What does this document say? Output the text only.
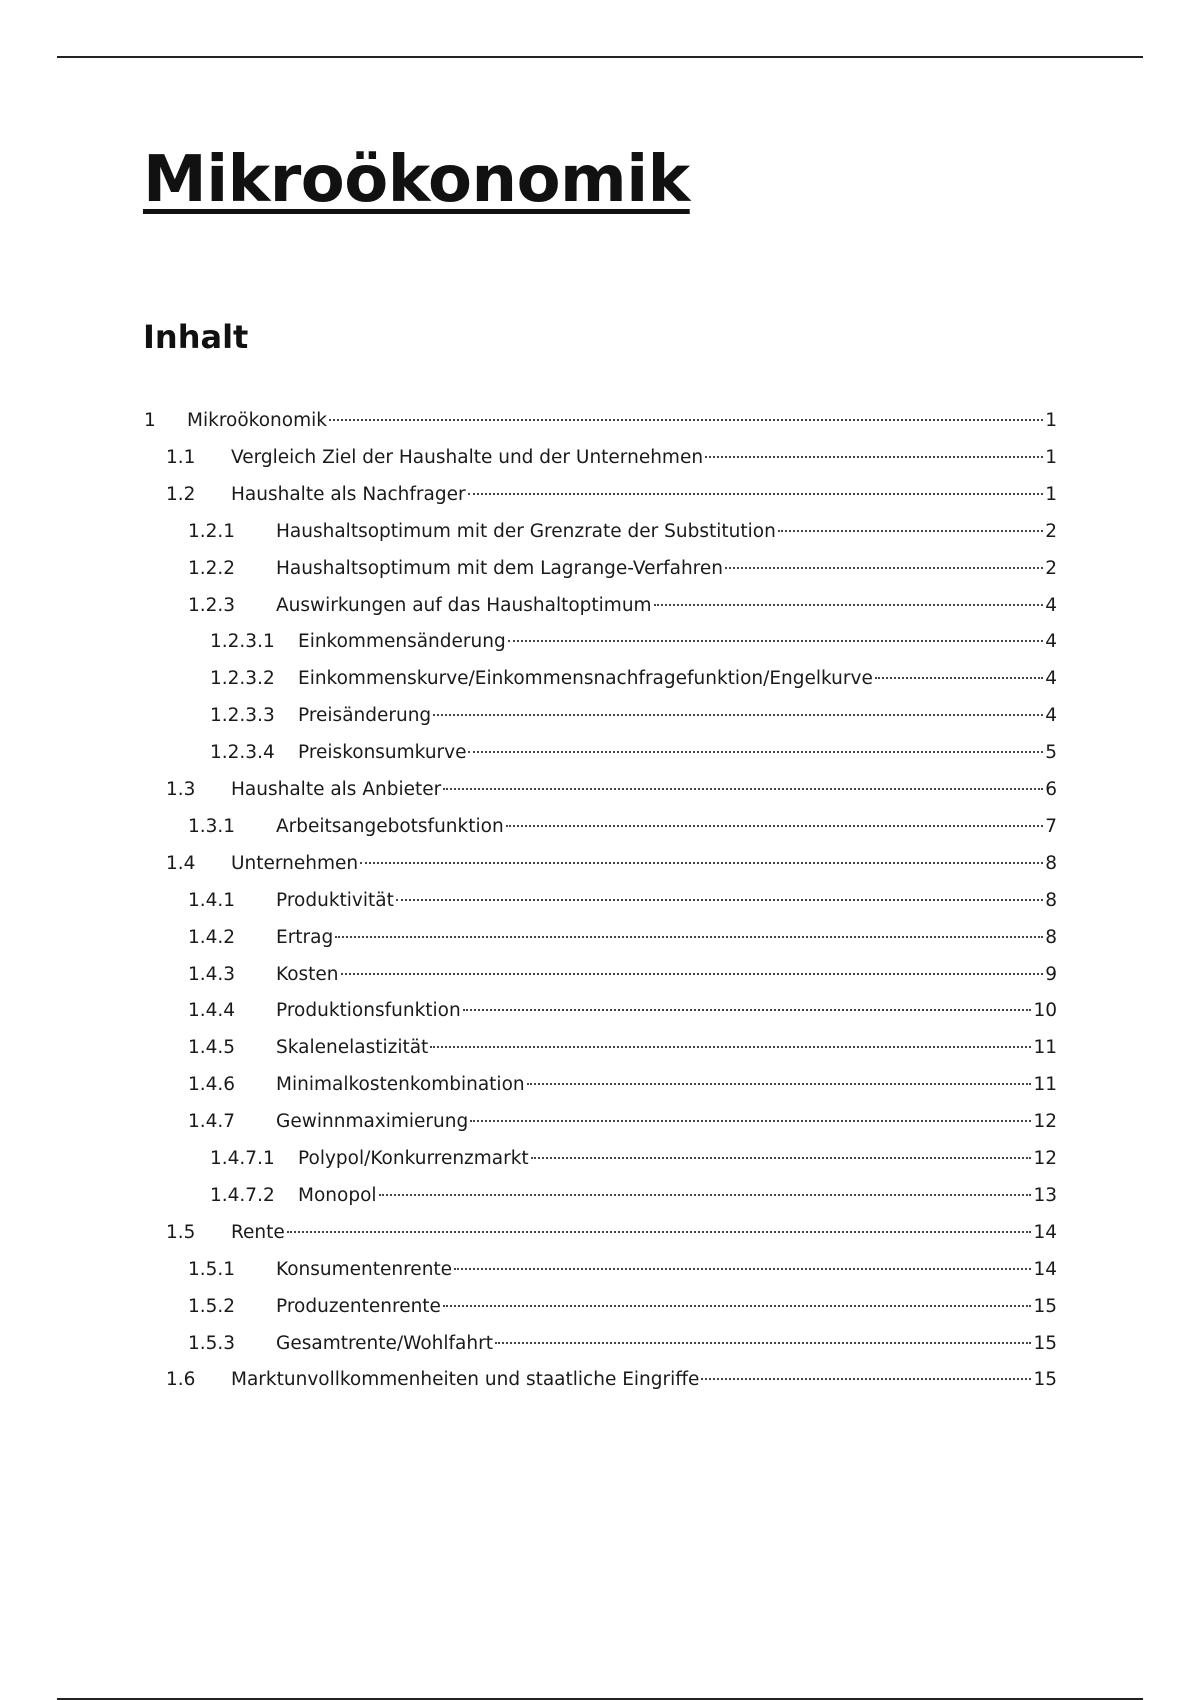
Mikroökonomik
Inhalt
1	Mikroökonomik	1
1.1	Vergleich Ziel der Haushalte und der Unternehmen	1
1.2	Haushalte als Nachfrager	1
1.2.1	Haushaltsoptimum mit der Grenzrate der Substitution	2
1.2.2	Haushaltsoptimum mit dem Lagrange-Verfahren	2
1.2.3	Auswirkungen auf das Haushaltoptimum	4
1.2.3.1	Einkommensänderung	4
1.2.3.2	Einkommenskurve/Einkommensnachfragefunktion/Engelkurve	4
1.2.3.3	Preisänderung	4
1.2.3.4	Preiskonsumkurve	5
1.3	Haushalte als Anbieter	6
1.3.1	Arbeitsangebotsfunktion	7
1.4	Unternehmen	8
1.4.1	Produktivität	8
1.4.2	Ertrag	8
1.4.3	Kosten	9
1.4.4	Produktionsfunktion	10
1.4.5	Skalenelastizität	11
1.4.6	Minimalkostenkombination	11
1.4.7	Gewinnmaximierung	12
1.4.7.1	Polypol/Konkurrenzmarkt	12
1.4.7.2	Monopol	13
1.5	Rente	14
1.5.1	Konsumentenrente	14
1.5.2	Produzentenrente	15
1.5.3	Gesamtrente/Wohlfahrt	15
1.6	Marktunvollkommenheiten und staatliche Eingriffe	15
